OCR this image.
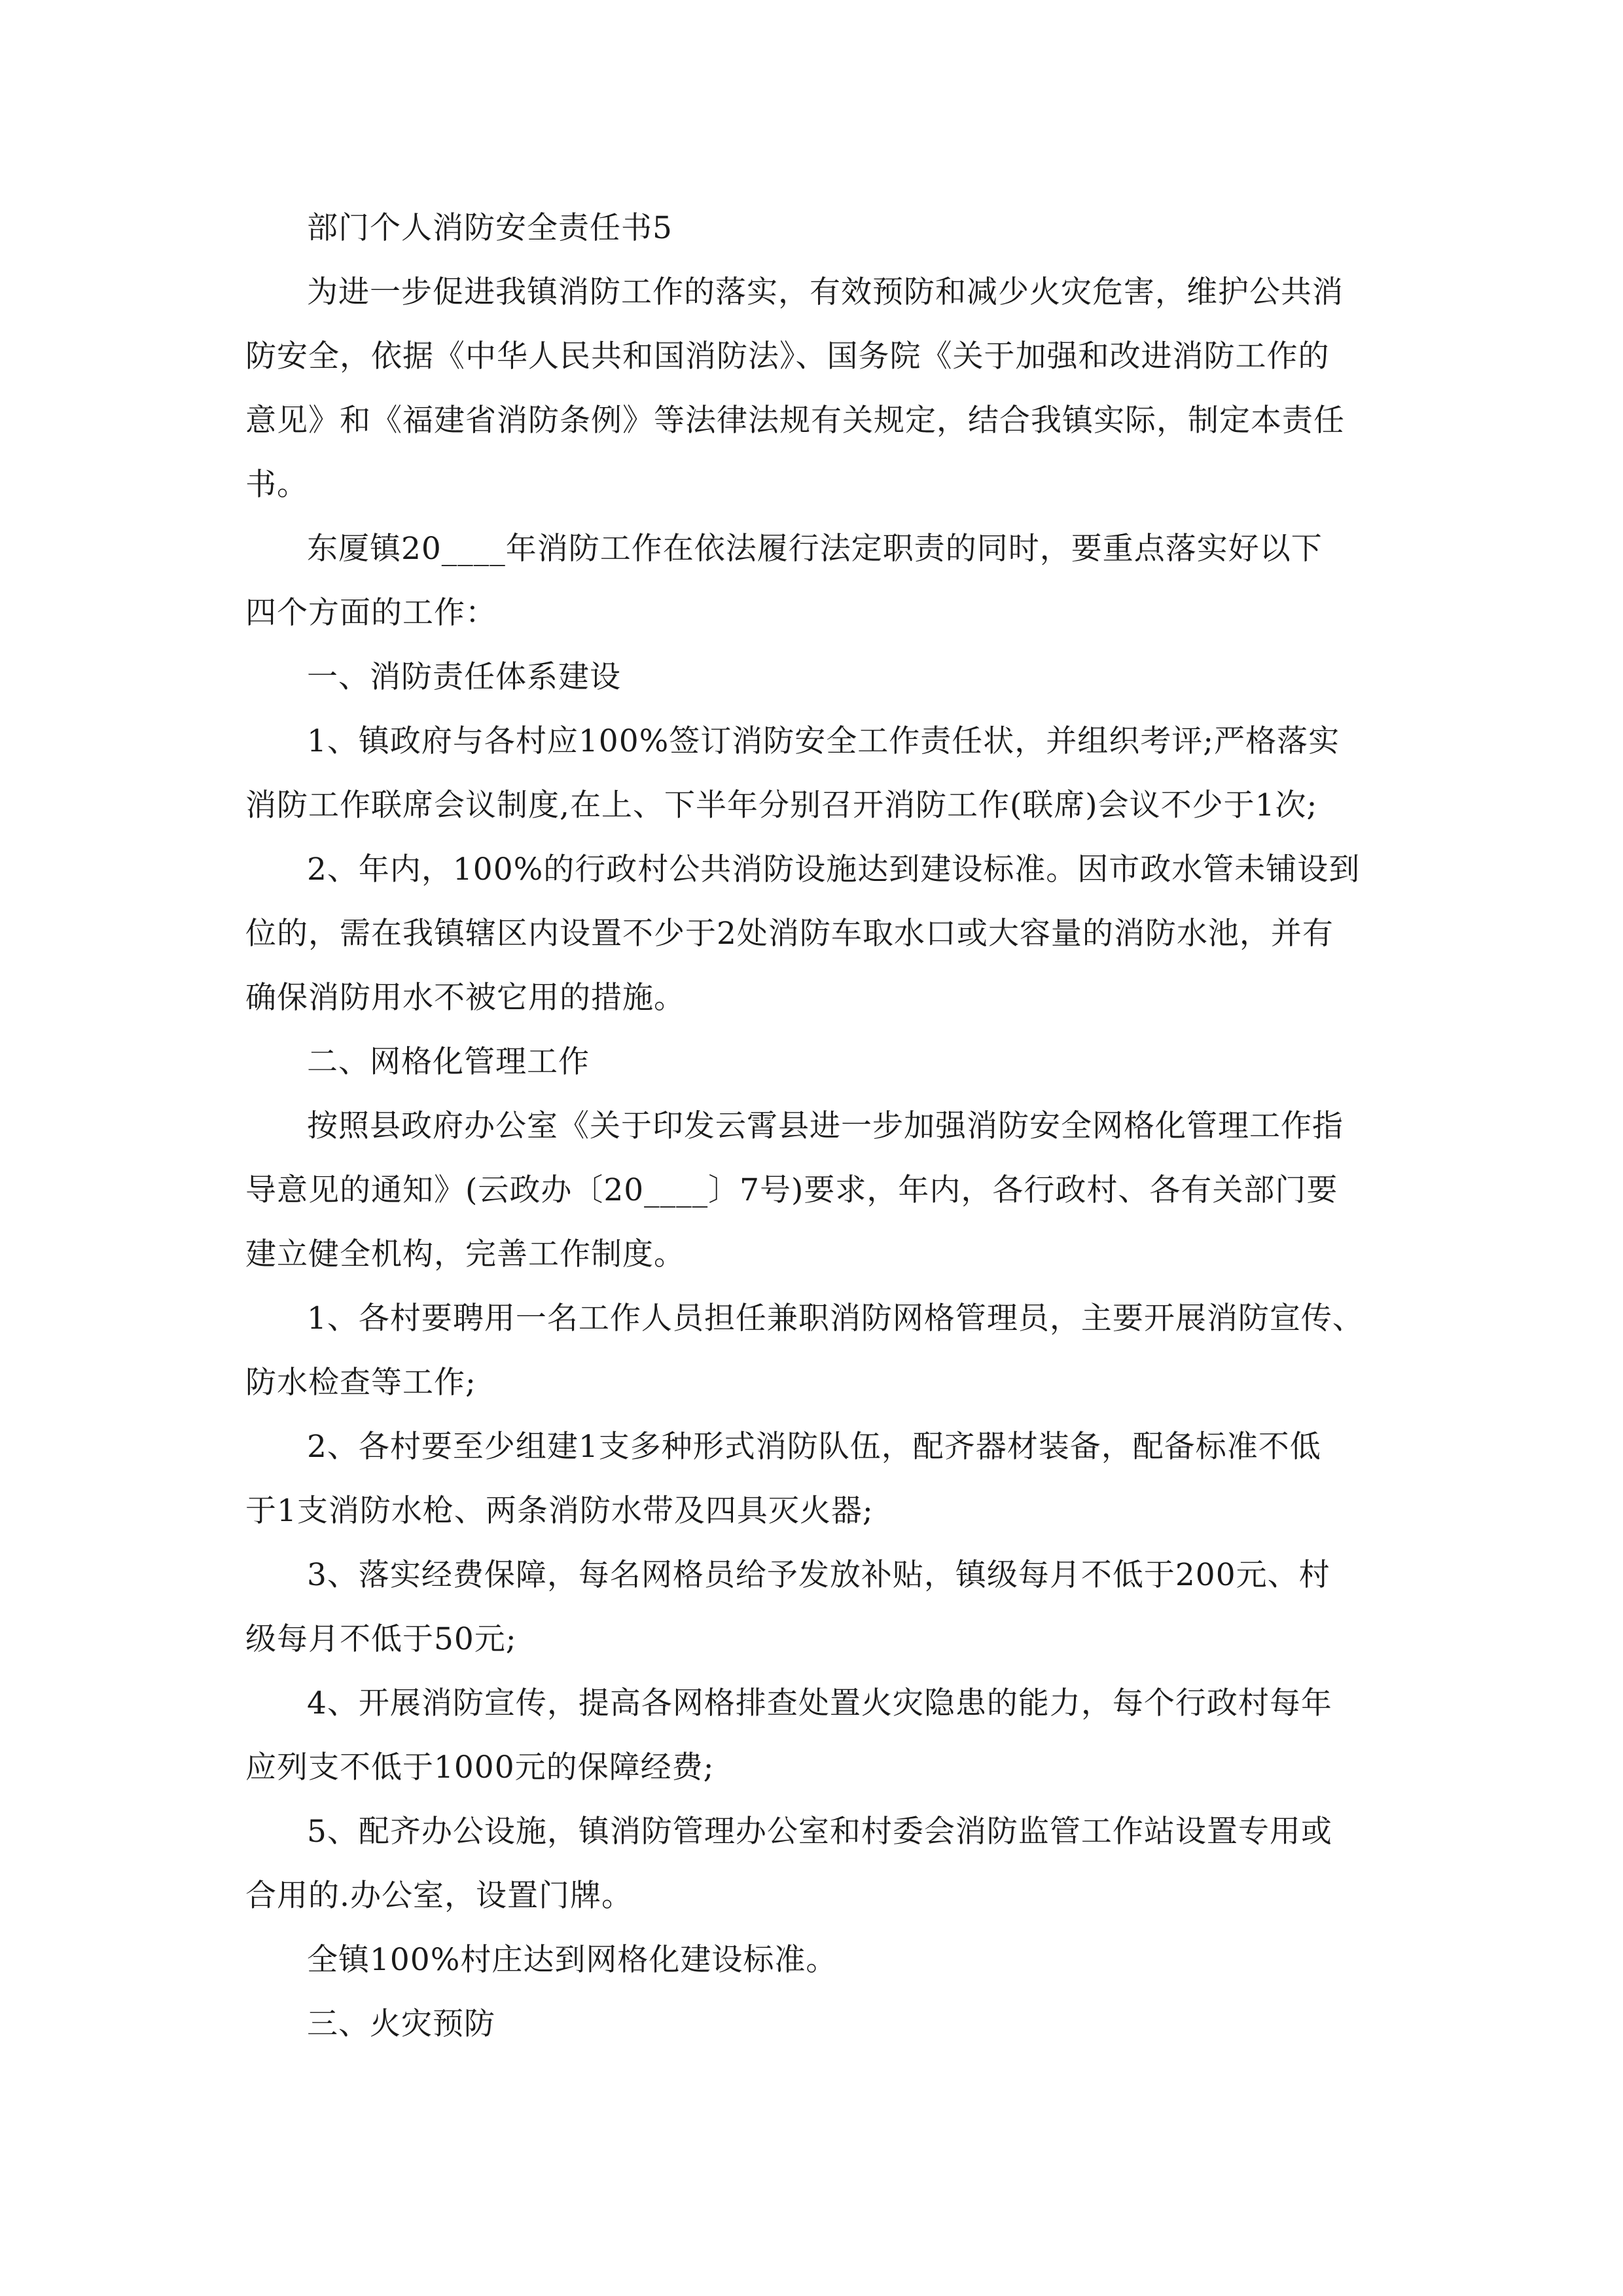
部门个人消防安全责任书5

为进一步促进我镇消防工作的落实，有效预防和减少火灾危害，维护公共消
防安全，依据《中华人民共和国消防法》、国务院《关于加强和改进消防工作的
意见》和《福建省消防条例》等法律法规有关规定，结合我镇实际，制定本责任
书。
东厦镇20____年消防工作在依法履行法定职责的同时，要重点落实好以下
四个方面的工作：
一、消防责任体系建设
1、镇政府与各村应100%签订消防安全工作责任状，并组织考评;严格落实
消防工作联席会议制度,在上、下半年分别召开消防工作(联席)会议不少于1次;
2、年内，100%的行政村公共消防设施达到建设标准。因市政水管未铺设到
位的，需在我镇辖区内设置不少于2处消防车取水口或大容量的消防水池，并有
确保消防用水不被它用的措施。
二、网格化管理工作
按照县政府办公室《关于印发云霄县进一步加强消防安全网格化管理工作指
导意见的通知》(云政办〔20____〕7号)要求，年内，各行政村、各有关部门要
建立健全机构，完善工作制度。
1、各村要聘用一名工作人员担任兼职消防网格管理员，主要开展消防宣传、
防水检查等工作;
2、各村要至少组建1支多种形式消防队伍，配齐器材装备，配备标准不低
于1支消防水枪、两条消防水带及四具灭火器;
3、落实经费保障，每名网格员给予发放补贴，镇级每月不低于200元、村
级每月不低于50元;
4、开展消防宣传，提高各网格排查处置火灾隐患的能力，每个行政村每年
应列支不低于1000元的保障经费;
5、配齐办公设施，镇消防管理办公室和村委会消防监管工作站设置专用或
合用的.办公室，设置门牌。
全镇100%村庄达到网格化建设标准。
三、火灾预防
